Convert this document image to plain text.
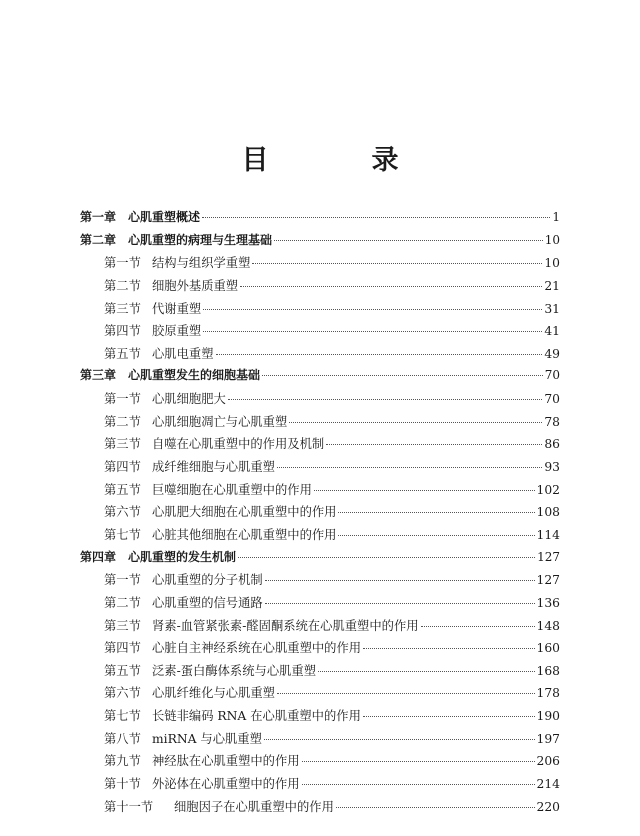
目　录
第一章 心肌重塑概述	1
第二章 心肌重塑的病理与生理基础	10
第一节 结构与组织学重塑	10
第二节 细胞外基质重塑	21
第三节 代谢重塑	31
第四节 胶原重塑	41
第五节 心肌电重塑	49
第三章 心肌重塑发生的细胞基础	70
第一节 心肌细胞肥大	70
第二节 心肌细胞凋亡与心肌重塑	78
第三节 自噬在心肌重塑中的作用及机制	86
第四节 成纤维细胞与心肌重塑	93
第五节 巨噬细胞在心肌重塑中的作用	102
第六节 心肌肥大细胞在心肌重塑中的作用	108
第七节 心脏其他细胞在心肌重塑中的作用	114
第四章 心肌重塑的发生机制	127
第一节 心肌重塑的分子机制	127
第二节 心肌重塑的信号通路	136
第三节 肾素-血管紧张素-醛固酮系统在心肌重塑中的作用	148
第四节 心脏自主神经系统在心肌重塑中的作用	160
第五节 泛素-蛋白酶体系统与心肌重塑	168
第六节 心肌纤维化与心肌重塑	178
第七节 长链非编码 RNA 在心肌重塑中的作用	190
第八节 miRNA 与心肌重塑	197
第九节 神经肽在心肌重塑中的作用	206
第十节 外泌体在心肌重塑中的作用	214
第十一节	细胞因子在心肌重塑中的作用	220
